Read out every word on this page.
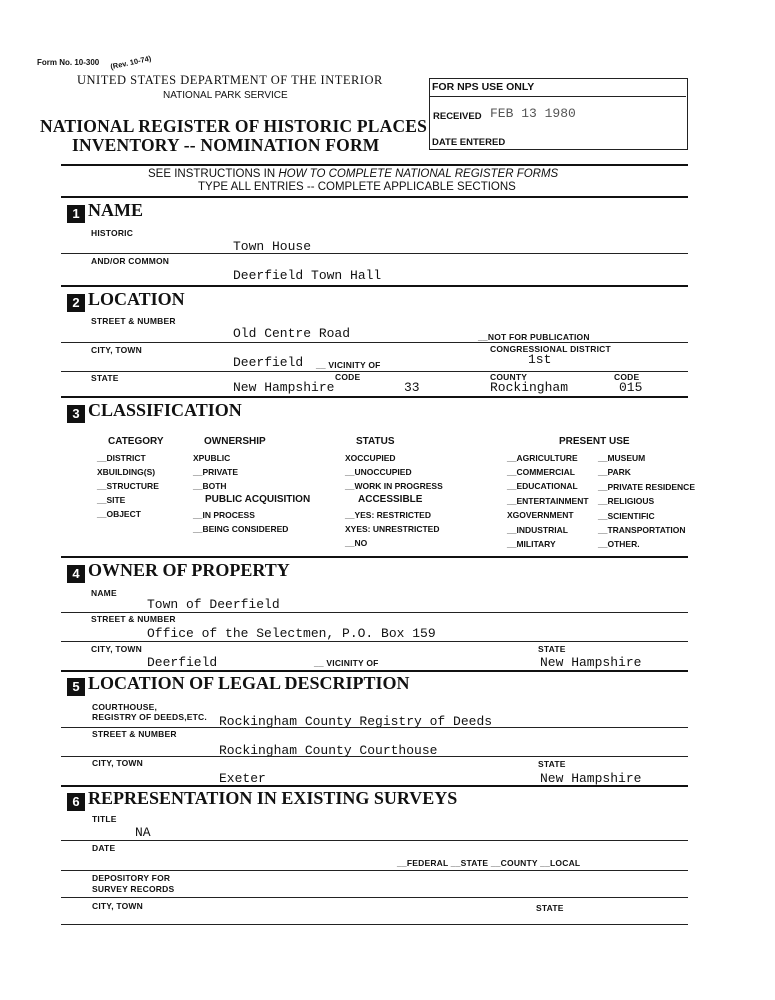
Form No. 10-300 (Rev. 10-74)
UNITED STATES DEPARTMENT OF THE INTERIOR
NATIONAL PARK SERVICE
NATIONAL REGISTER OF HISTORIC PLACES
INVENTORY -- NOMINATION FORM
FOR NPS USE ONLY
RECEIVED FEB 13 1980
DATE ENTERED
SEE INSTRUCTIONS IN HOW TO COMPLETE NATIONAL REGISTER FORMS
TYPE ALL ENTRIES -- COMPLETE APPLICABLE SECTIONS
1 NAME
HISTORIC
Town House
AND/OR COMMON
Deerfield Town Hall
2 LOCATION
STREET & NUMBER
Old Centre Road	__NOT FOR PUBLICATION
CITY, TOWN	CONGRESSIONAL DISTRICT
Deerfield __ VICINITY OF	1st
STATE	CODE	COUNTY	CODE
New Hampshire	33	Rockingham	015
3 CLASSIFICATION
CATEGORY	OWNERSHIP	STATUS	PRESENT USE
__DISTRICT
XBUILDING(S)
__STRUCTURE
__SITE
__OBJECT
XPUBLIC
__PRIVATE
__BOTH
PUBLIC ACQUISITION
__IN PROCESS
__BEING CONSIDERED
XOCCUPIED
__UNOCCUPIED
__WORK IN PROGRESS
ACCESSIBLE
__YES: RESTRICTED
XYES: UNRESTRICTED
__NO
__AGRICULTURE
__COMMERCIAL
__EDUCATIONAL
__ENTERTAINMENT
XGOVERNMENT
__INDUSTRIAL
__MILITARY
__MUSEUM
__PARK
__PRIVATE RESIDENCE
__RELIGIOUS
__SCIENTIFIC
__TRANSPORTATION
__OTHER.
4 OWNER OF PROPERTY
NAME
Town of Deerfield
STREET & NUMBER
Office of the Selectmen, P.O. Box 159
CITY, TOWN	STATE
Deerfield	__ VICINITY OF	New Hampshire
5 LOCATION OF LEGAL DESCRIPTION
COURTHOUSE,
REGISTRY OF DEEDS,ETC. Rockingham County Registry of Deeds
STREET & NUMBER
Rockingham County Courthouse
CITY, TOWN	STATE
Exeter	New Hampshire
6 REPRESENTATION IN EXISTING SURVEYS
TITLE
NA
DATE
__FEDERAL __STATE __COUNTY __LOCAL
DEPOSITORY FOR
SURVEY RECORDS
CITY, TOWN	STATE
